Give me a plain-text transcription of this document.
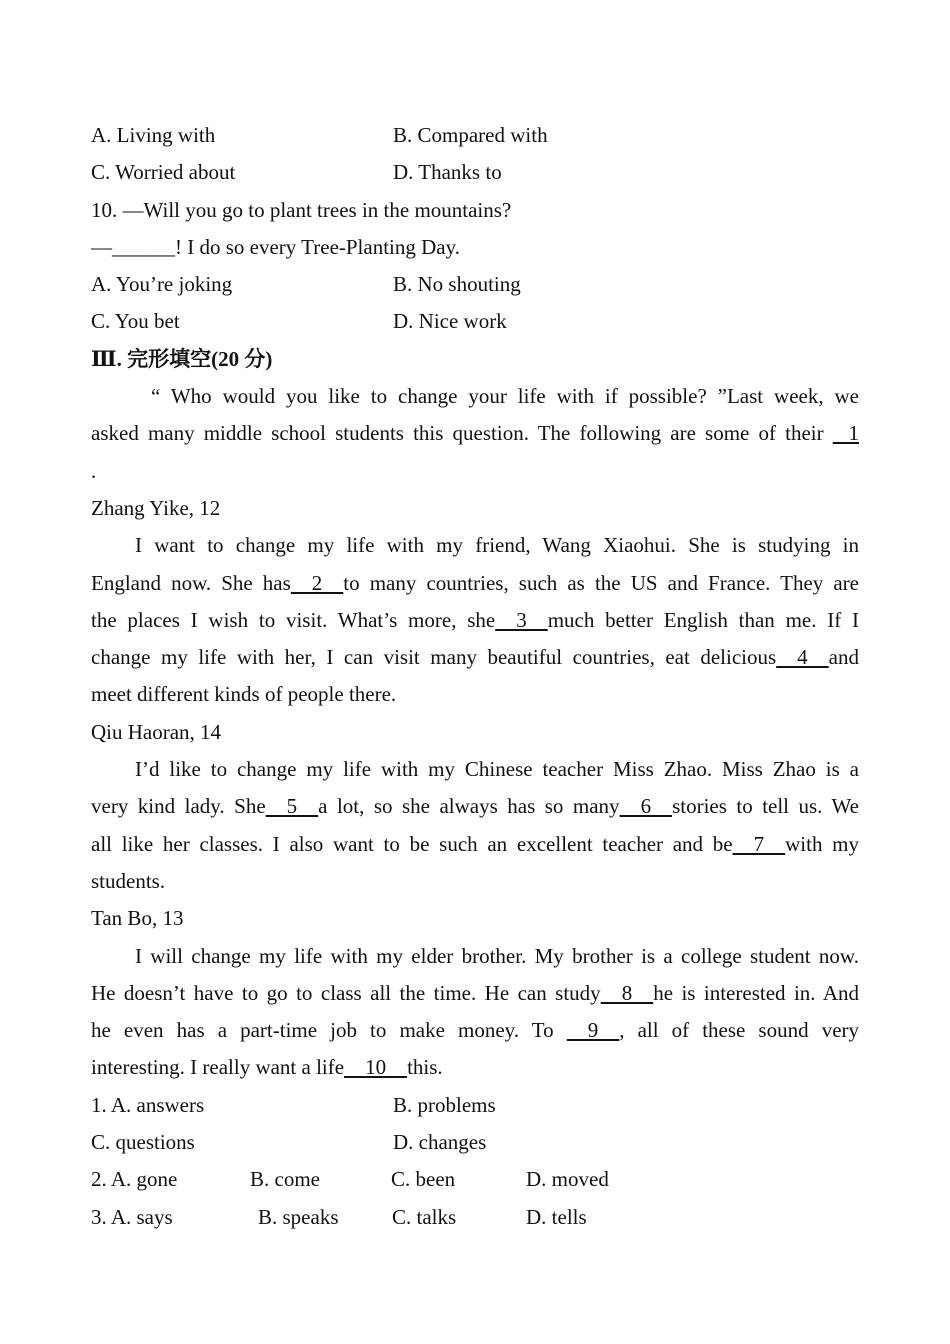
A. Living with	B. Compared with
C. Worried about	D. Thanks to
10. —Will you go to plant trees in the mountains?
—______! I do so every Tree-Planting Day.
A. You’re joking	B. No shouting
C. You bet	D. Nice work
Ⅲ. 完形填空(20 分)
“ Who would you like to change your life with if possible? ”Last week, we
asked many middle school students this question. The following are some of their    1
.
Zhang Yike, 12
I want to change my life with my friend, Wang Xiaohui. She is studying in
England now. She has    2    to many countries, such as the US and France. They are
the places I wish to visit. What’s more, she    3    much better English than me. If I
change my life with her, I can visit many beautiful countries, eat delicious    4    and
meet different kinds of people there.
Qiu Haoran, 14
I’d like to change my life with my Chinese teacher Miss Zhao. Miss Zhao is a
very kind lady. She    5    a lot, so she always has so many    6    stories to tell us. We
all like her classes. I also want to be such an excellent teacher and be    7    with my
students.
Tan Bo, 13
I will change my life with my elder brother. My brother is a college student now.
He doesn’t have to go to class all the time. He can study    8    he is interested in. And
he even has a part-time job to make money. To     9    , all of these sound very
interesting. I really want a life    10    this.
1. A. answers	B. problems
C. questions	D. changes
2. A. gone	B. come	C. been	D. moved
3. A. says	B. speaks	C. talks	D. tells
